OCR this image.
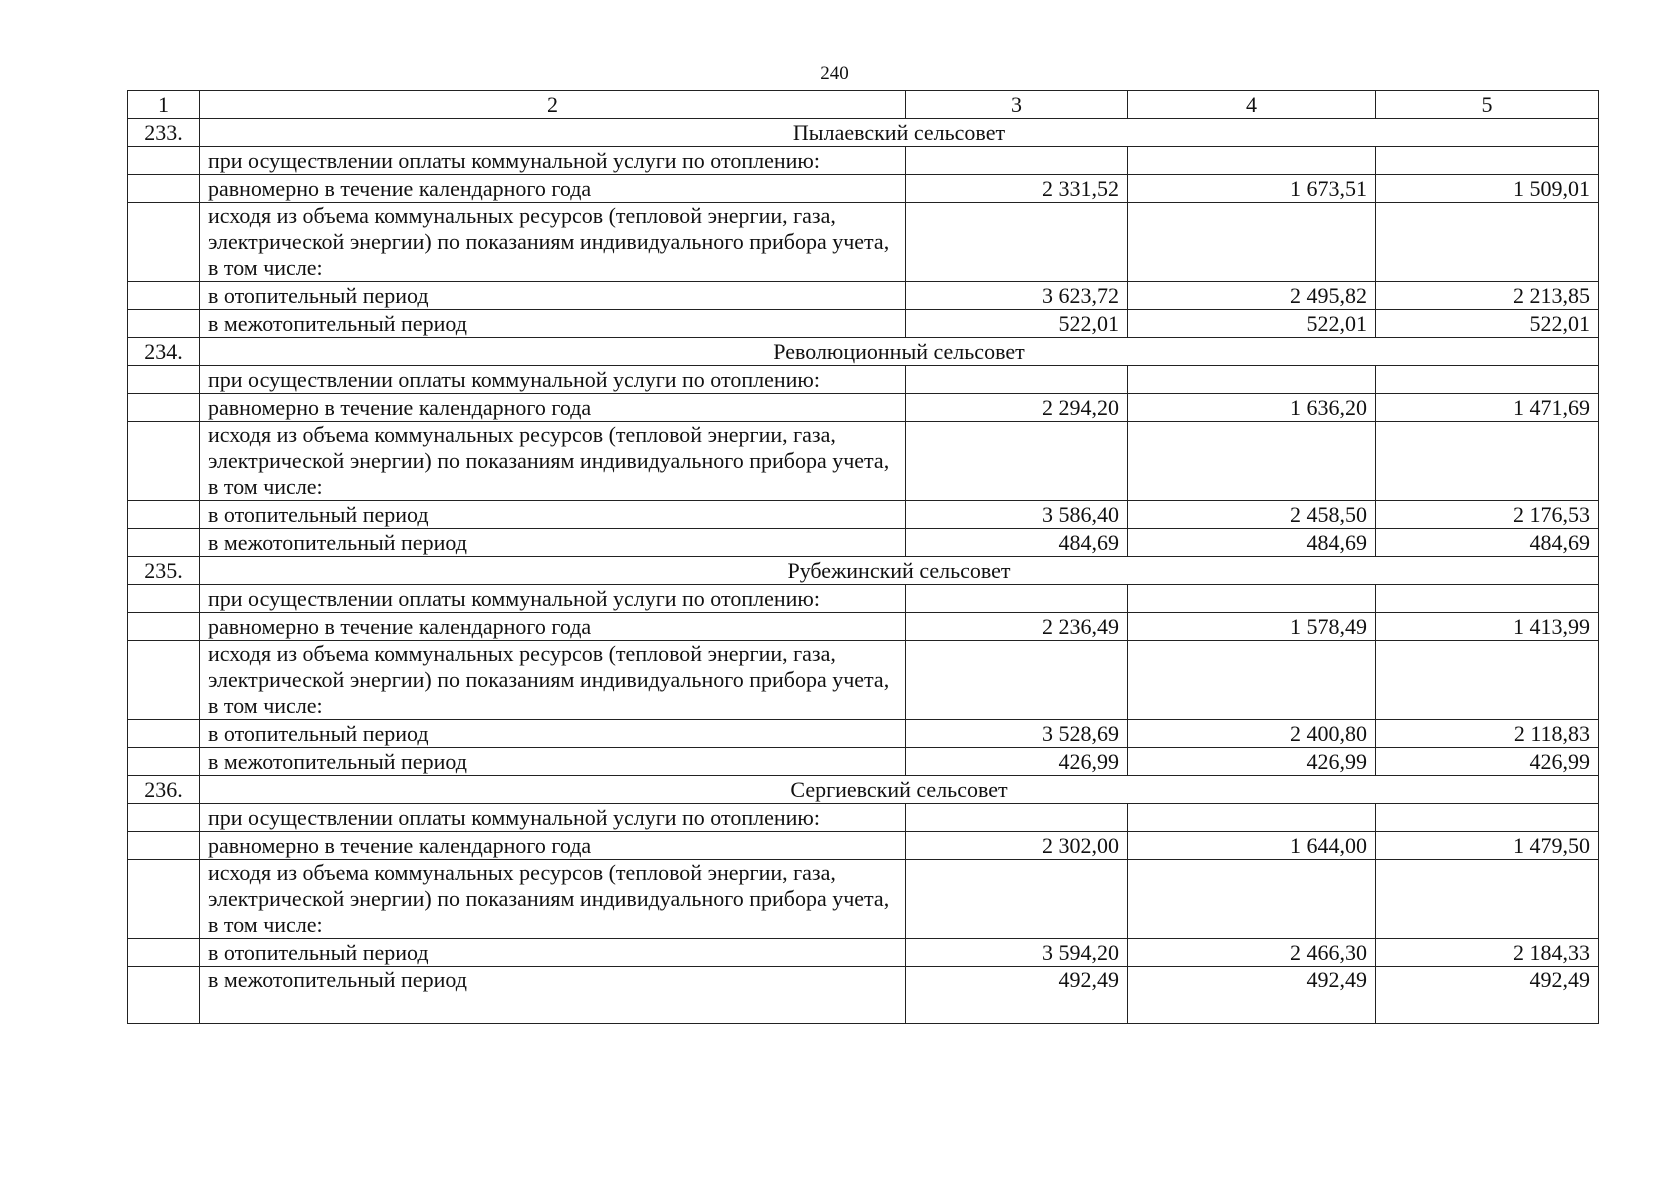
240
1	2	3	4	5
233.	Пылаевский сельсовет			
	при осуществлении оплаты коммунальной услуги по отоплению:			
	равномерно в течение календарного года	2 331,52	1 673,51	1 509,01
	исходя из объема коммунальных ресурсов (тепловой энергии, газа, электрической энергии) по показаниям индивидуального прибора учета, в том числе:			
	в отопительный период	3 623,72	2 495,82	2 213,85
	в межотопительный период	522,01	522,01	522,01
234.	Революционный сельсовет			
	при осуществлении оплаты коммунальной услуги по отоплению:			
	равномерно в течение календарного года	2 294,20	1 636,20	1 471,69
	исходя из объема коммунальных ресурсов (тепловой энергии, газа, электрической энергии) по показаниям индивидуального прибора учета, в том числе:			
	в отопительный период	3 586,40	2 458,50	2 176,53
	в межотопительный период	484,69	484,69	484,69
235.	Рубежинский сельсовет			
	при осуществлении оплаты коммунальной услуги по отоплению:			
	равномерно в течение календарного года	2 236,49	1 578,49	1 413,99
	исходя из объема коммунальных ресурсов (тепловой энергии, газа, электрической энергии) по показаниям индивидуального прибора учета, в том числе:			
	в отопительный период	3 528,69	2 400,80	2 118,83
	в межотопительный период	426,99	426,99	426,99
236.	Сергиевский сельсовет			
	при осуществлении оплаты коммунальной услуги по отоплению:			
	равномерно в течение календарного года	2 302,00	1 644,00	1 479,50
	исходя из объема коммунальных ресурсов (тепловой энергии, газа, электрической энергии) по показаниям индивидуального прибора учета, в том числе:			
	в отопительный период	3 594,20	2 466,30	2 184,33
	в межотопительный период	492,49	492,49	492,49
